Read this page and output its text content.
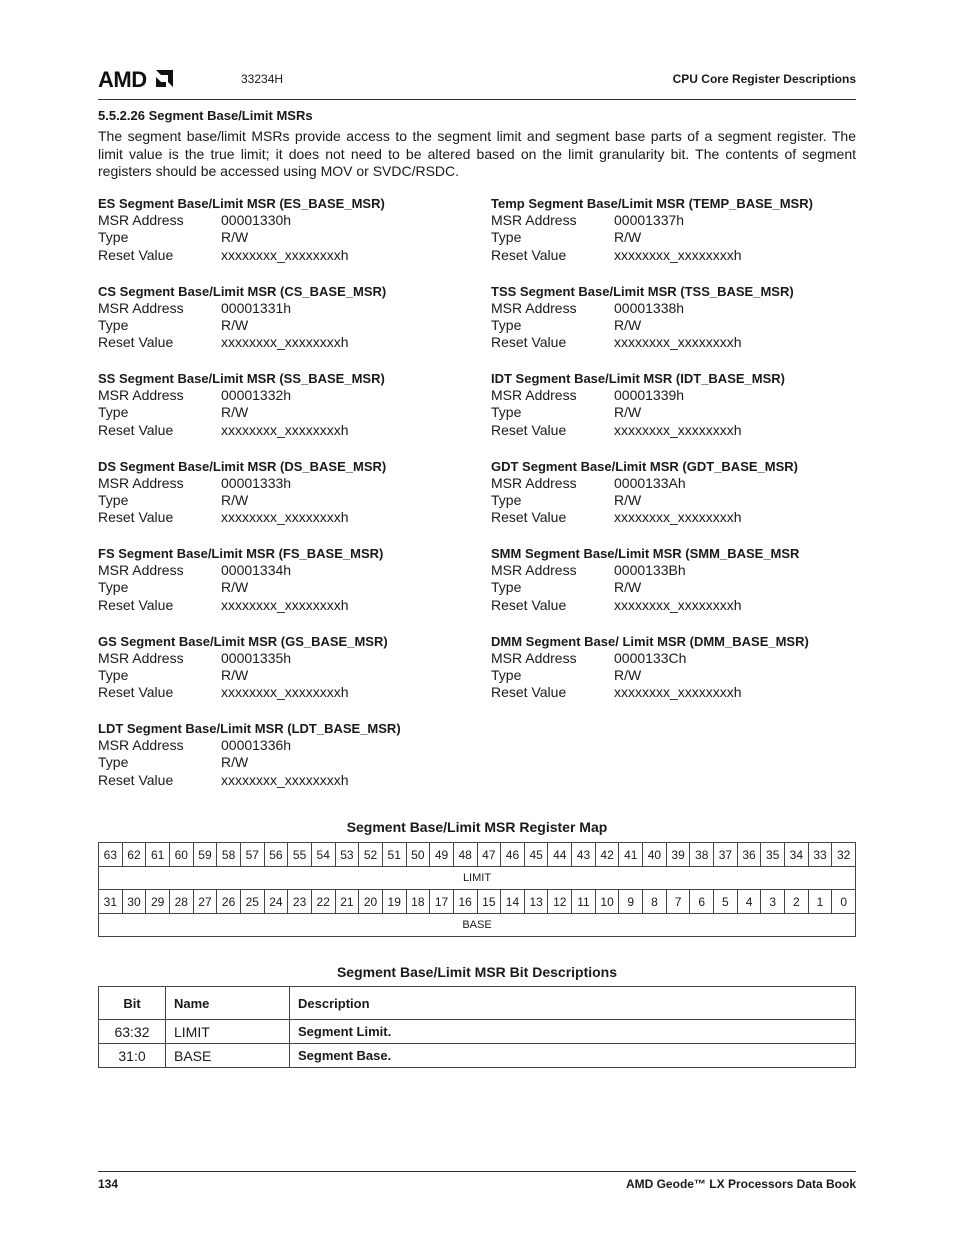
AMD	33234H	CPU Core Register Descriptions
5.5.2.26 Segment Base/Limit MSRs
The segment base/limit MSRs provide access to the segment limit and segment base parts of a segment register. The limit value is the true limit; it does not need to be altered based on the limit granularity bit. The contents of segment registers should be accessed using MOV or SVDC/RSDC.
ES Segment Base/Limit MSR (ES_BASE_MSR)
MSR Address	00001330h
Type	R/W
Reset Value	xxxxxxxx_xxxxxxxxh
CS Segment Base/Limit MSR (CS_BASE_MSR)
MSR Address	00001331h
Type	R/W
Reset Value	xxxxxxxx_xxxxxxxxh
SS Segment Base/Limit MSR (SS_BASE_MSR)
MSR Address	00001332h
Type	R/W
Reset Value	xxxxxxxx_xxxxxxxxh
DS Segment Base/Limit MSR (DS_BASE_MSR)
MSR Address	00001333h
Type	R/W
Reset Value	xxxxxxxx_xxxxxxxxh
FS Segment Base/Limit MSR (FS_BASE_MSR)
MSR Address	00001334h
Type	R/W
Reset Value	xxxxxxxx_xxxxxxxxh
GS Segment Base/Limit MSR (GS_BASE_MSR)
MSR Address	00001335h
Type	R/W
Reset Value	xxxxxxxx_xxxxxxxxh
LDT Segment Base/Limit MSR (LDT_BASE_MSR)
MSR Address	00001336h
Type	R/W
Reset Value	xxxxxxxx_xxxxxxxxh
Temp Segment Base/Limit MSR (TEMP_BASE_MSR)
MSR Address	00001337h
Type	R/W
Reset Value	xxxxxxxx_xxxxxxxxh
TSS Segment Base/Limit MSR (TSS_BASE_MSR)
MSR Address	00001338h
Type	R/W
Reset Value	xxxxxxxx_xxxxxxxxh
IDT Segment Base/Limit MSR (IDT_BASE_MSR)
MSR Address	00001339h
Type	R/W
Reset Value	xxxxxxxx_xxxxxxxxh
GDT Segment Base/Limit MSR (GDT_BASE_MSR)
MSR Address	0000133Ah
Type	R/W
Reset Value	xxxxxxxx_xxxxxxxxh
SMM Segment Base/Limit MSR (SMM_BASE_MSR
MSR Address	0000133Bh
Type	R/W
Reset Value	xxxxxxxx_xxxxxxxxh
DMM Segment Base/ Limit MSR (DMM_BASE_MSR)
MSR Address	0000133Ch
Type	R/W
Reset Value	xxxxxxxx_xxxxxxxxh
Segment Base/Limit MSR Register Map
63	62	61	60	59	58	57	56	55	54	53	52	51	50	49	48	47	46	45	44	43	42	41	40	39	38	37	36	35	34	33	32
LIMIT																															
31	30	29	28	27	26	25	24	23	22	21	20	19	18	17	16	15	14	13	12	11	10	9	8	7	6	5	4	3	2	1	0
BASE																															
Segment Base/Limit MSR Bit Descriptions
Bit	Name	Description
63:32	LIMIT	Segment Limit.
31:0	BASE	Segment Base.
134	AMD Geode™ LX Processors Data Book
